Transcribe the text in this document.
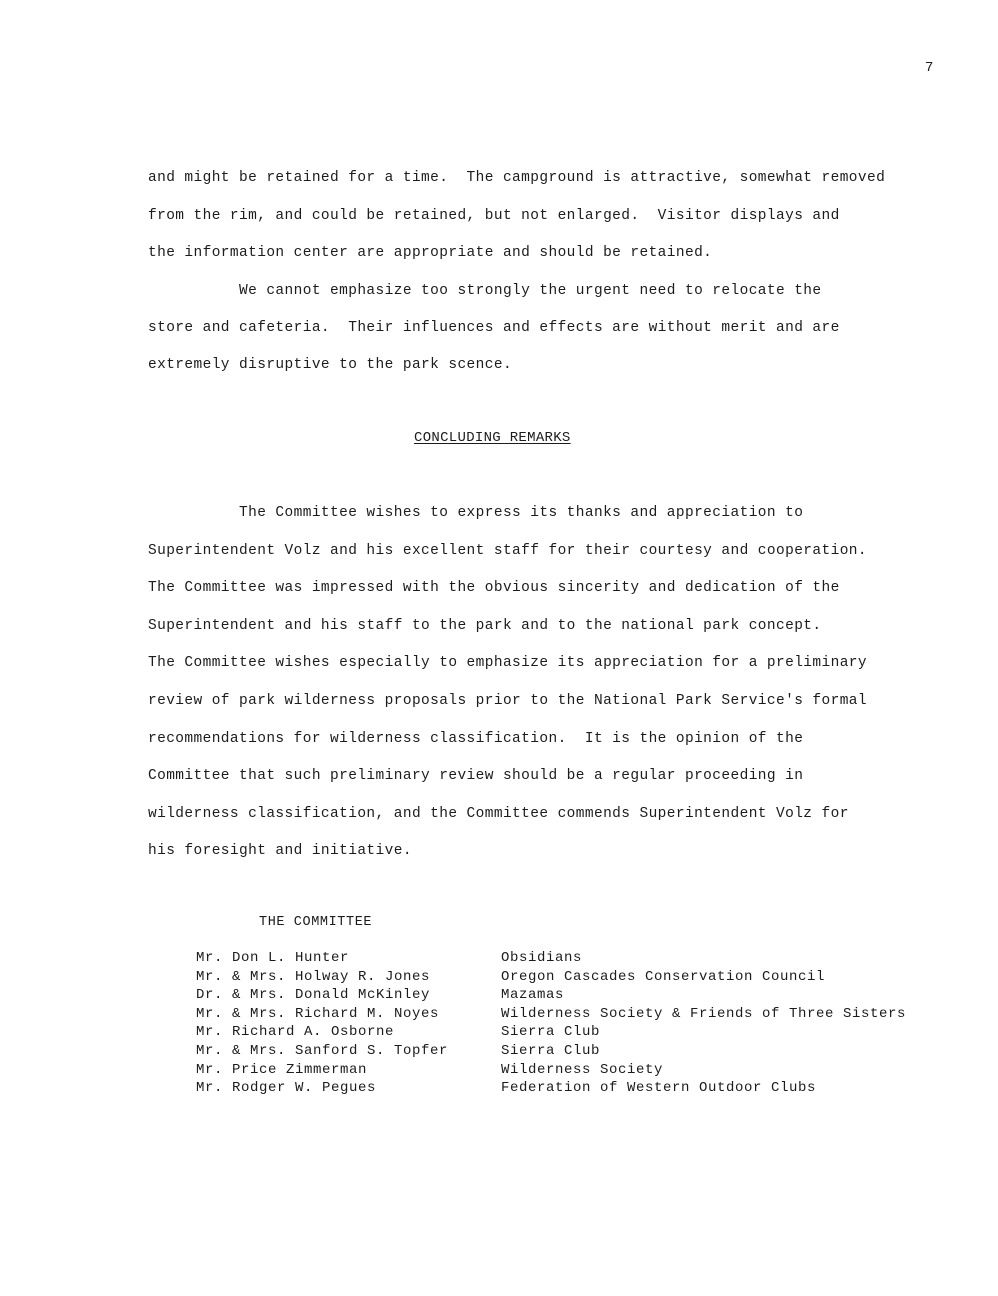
7
and might be retained for a time.  The campground is attractive, somewhat removed
from the rim, and could be retained, but not enlarged.  Visitor displays and
the information center are appropriate and should be retained.
We cannot emphasize too strongly the urgent need to relocate the
store and cafeteria.  Their influences and effects are without merit and are
extremely disruptive to the park scence.
CONCLUDING REMARKS
The Committee wishes to express its thanks and appreciation to
Superintendent Volz and his excellent staff for their courtesy and cooperation.
The Committee was impressed with the obvious sincerity and dedication of the
Superintendent and his staff to the park and to the national park concept.
The Committee wishes especially to emphasize its appreciation for a preliminary
review of park wilderness proposals prior to the National Park Service's formal
recommendations for wilderness classification.  It is the opinion of the
Committee that such preliminary review should be a regular proceeding in
wilderness classification, and the Committee commends Superintendent Volz for
his foresight and initiative.
THE COMMITTEE
Mr. Don L. Hunter
Mr. & Mrs. Holway R. Jones
Dr. & Mrs. Donald McKinley
Mr. & Mrs. Richard M. Noyes
Mr. Richard A. Osborne
Mr. & Mrs. Sanford S. Topfer
Mr. Price Zimmerman
Mr. Rodger W. Pegues
Obsidians
Oregon Cascades Conservation Council
Mazamas
Wilderness Society & Friends of Three Sisters
Sierra Club
Sierra Club
Wilderness Society
Federation of Western Outdoor Clubs
